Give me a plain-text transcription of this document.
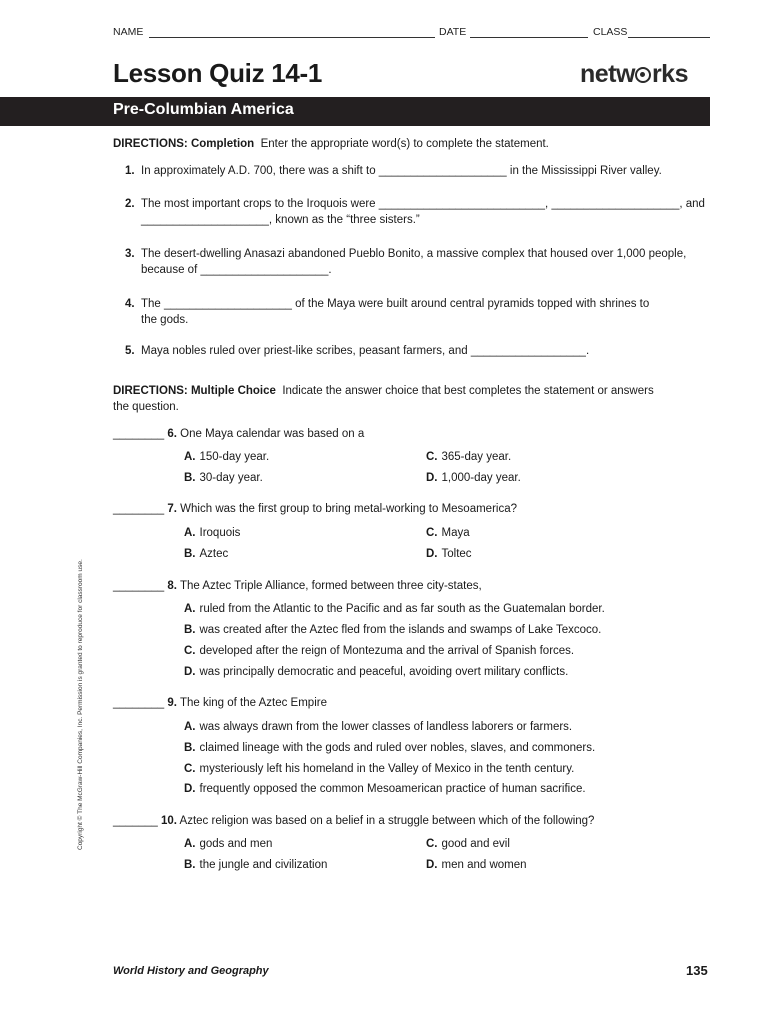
NAME	DATE	CLASS
Lesson Quiz 14-1	netw rks
Pre-Columbian America
DIRECTIONS: Completion Enter the appropriate word(s) to complete the statement.
1. In approximately A.D. 700, there was a shift to ____________________ in the Mississippi River valley.
2. The most important crops to the Iroquois were __________________________, ____________________, and
____________________, known as the “three sisters.”
3. The desert-dwelling Anasazi abandoned Pueblo Bonito, a massive complex that housed over 1,000 people,
because of ____________________.
4. The ____________________ of the Maya were built around central pyramids topped with shrines to
the gods.
5. Maya nobles ruled over priest-like scribes, peasant farmers, and __________________.
DIRECTIONS: Multiple Choice Indicate the answer choice that best completes the statement or answers
the question.
________ 6. One Maya calendar was based on a
A. 150-day year.	C. 365-day year.
B. 30-day year.	D. 1,000-day year.
________ 7. Which was the first group to bring metal-working to Mesoamerica?
A. Iroquois	C. Maya
B. Aztec	D. Toltec
________ 8. The Aztec Triple Alliance, formed between three city-states,
A. ruled from the Atlantic to the Pacific and as far south as the Guatemalan border.
B. was created after the Aztec fled from the islands and swamps of Lake Texcoco.
C. developed after the reign of Montezuma and the arrival of Spanish forces.
D. was principally democratic and peaceful, avoiding overt military conflicts.
________ 9. The king of the Aztec Empire
A. was always drawn from the lower classes of landless laborers or farmers.
B. claimed lineage with the gods and ruled over nobles, slaves, and commoners.
C. mysteriously left his homeland in the Valley of Mexico in the tenth century.
D. frequently opposed the common Mesoamerican practice of human sacrifice.
_______ 10. Aztec religion was based on a belief in a struggle between which of the following?
A. gods and men	C. good and evil
B. the jungle and civilization	D. men and women
Copyright © The McGraw-Hill Companies, Inc. Permission is granted to reproduce for classroom use.
World History and Geography	135
